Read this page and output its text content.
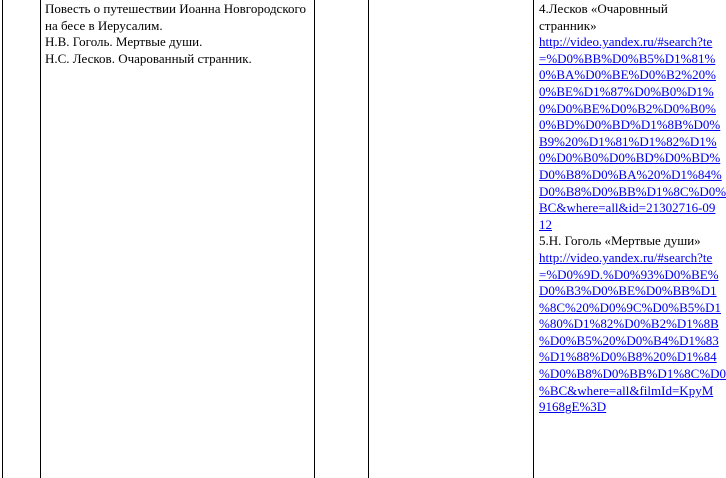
Повесть о путешествии Иоанна Новгородского
на бесе в Иерусалим.
Н.В. Гоголь. Мертвые души.
Н.С. Лесков. Очарованный странник.
4.Лесков «Очаровнный
странник»
http://video.yandex.ru/#search?te
=%D0%BB%D0%B5%D1%81%
0%BA%D0%BE%D0%B2%20%
0%BE%D1%87%D0%B0%D1%
0%D0%BE%D0%B2%D0%B0%
0%BD%D0%BD%D1%8B%D0%
B9%20%D1%81%D1%82%D1%
0%D0%B0%D0%BD%D0%BD%
D0%B8%D0%BA%20%D1%84%
D0%B8%D0%BB%D1%8C%D0%
BC&where=all&id=21302716-09
12
5.Н. Гоголь «Мертвые души»
http://video.yandex.ru/#search?te
=%D0%9D.%D0%93%D0%BE%
D0%B3%D0%BE%D0%BB%D1
%8C%20%D0%9C%D0%B5%D1
%80%D1%82%D0%B2%D1%8B
%D0%B5%20%D0%B4%D1%83
%D1%88%D0%B8%20%D1%84
%D0%B8%D0%BB%D1%8C%D0
%BC&where=all&filmId=KpyM
9168gE%3D
